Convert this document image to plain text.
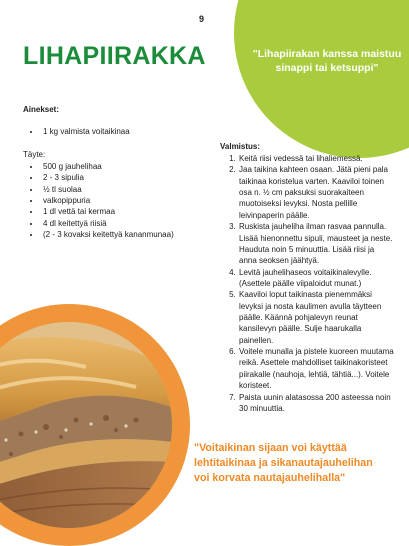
9
"Lihapiirakan kanssa maistuu sinappi tai ketsuppi"
LIHAPIIRAKKA
Ainekset:
• 1 kg valmista voitaikinaa
Täyte:
• 500 g jauhelihaa
• 2 - 3 sipulia
• ½ tl suolaa
• valkopippuria
• 1 dl vettä tai kermaa
• 4 dl keitettyä riisiä
• (2 - 3 kovaksi keitettyä kananmunaa)
Valmistus:
1. Keitä riisi vedessä tai lihaliemessä.
2. Jaa taikina kahteen osaan. Jätä pieni pala taikinaa koristelua varten. Kaaviloi toinen osa n. ½ cm paksuksi suorakaiteen muotoiseksi levyksi. Nosta pellille leivinpaperin päälle.
3. Ruskista jauheliha ilman rasvaa pannulla. Lisää hienonnettu sipuli, mausteet ja neste. Hauduta noin 5 minuuttia. Lisää riisi ja anna seoksen jäähtyä.
4. Levitä jauhelihaseos voitaikinalevylle. (Asettele päälle viipaloidut munat.)
5. Kaaviloi loput taikinasta pienemmäksi levyksi ja nosta kaulimen avulla täytteen päälle. Käännä pohjalevyn reunat kansilevyn päälle. Sulje haarukalla painellen.
6. Voitele munalla ja pistele kuoreen muutama reikä. Asettele mahdolliset taikinakoristeet piirakalle (nauhoja, lehtiä, tähtiä...). Voitele koristeet.
7. Paista uunin alatasossa 200 asteessa noin 30 minuuttia.
"Voitaikinan sijaan voi käyttää lehtitaikinaa ja sikanautajauhelihan voi korvata nautajauhelihalla"
